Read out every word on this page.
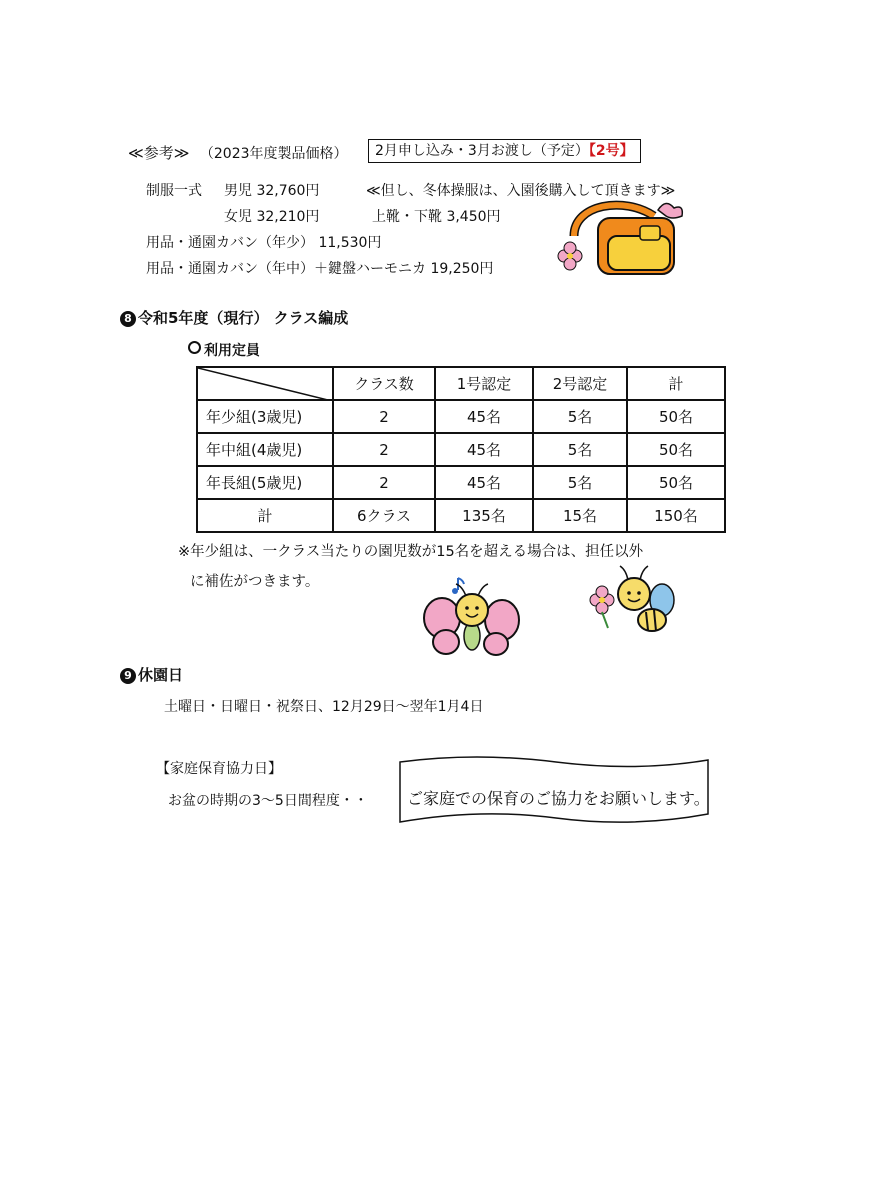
≪参考≫ （2023年度製品価格）	2月申し込み・3月お渡し（予定）【2号】
制服一式 男児 32,760円	≪但し、冬体操服は、入園後購入して頂きます≫
女児 32,210円	上靴・下靴 3,450円
用品・通園カバン（年少） 11,530円
用品・通園カバン（年中）＋鍵盤ハーモニカ 19,250円
8 令和5年度（現行） クラス編成
利用定員
	クラス数	1号認定	2号認定	計
年少組(3歳児)	2	45名	5名	50名
年中組(4歳児)	2	45名	5名	50名
年長組(5歳児)	2	45名	5名	50名
計	6クラス	135名	15名	150名
※年少組は、一クラス当たりの園児数が15名を超える場合は、担任以外
に補佐がつきます。
9 休園日
土曜日・日曜日・祝祭日、12月29日～翌年1月4日
【家庭保育協力日】
お盆の時期の3～5日間程度・・ ご家庭での保育のご協力をお願いします。
